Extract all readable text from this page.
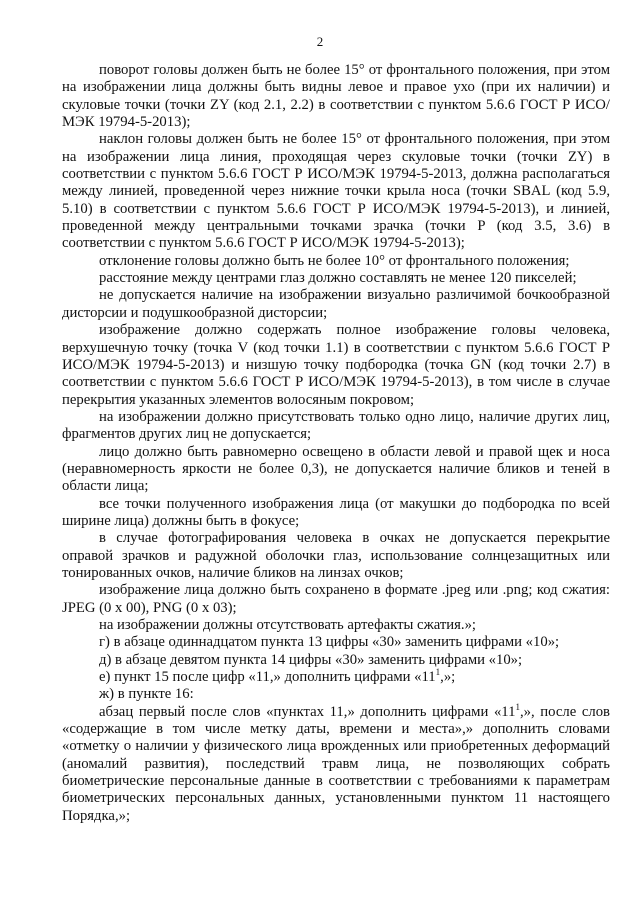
2

поворот головы должен быть не более 15° от фронтального положения, при этом на изображении лица должны быть видны левое и правое ухо (при их наличии) и скуловые точки (точки ZY (код 2.1, 2.2) в соответствии с пунктом 5.6.6 ГОСТ Р ИСО/МЭК 19794-5-2013);

наклон головы должен быть не более 15° от фронтального положения, при этом на изображении лица линия, проходящая через скуловые точки (точки ZY) в соответствии с пунктом 5.6.6 ГОСТ Р ИСО/МЭК 19794-5-2013, должна располагаться между линией, проведенной через нижние точки крыла носа (точки SBAL (код 5.9, 5.10) в соответствии с пунктом 5.6.6 ГОСТ Р ИСО/МЭК 19794-5-2013), и линией, проведенной между центральными точками зрачка (точки P (код 3.5, 3.6) в соответствии с пунктом 5.6.6 ГОСТ Р ИСО/МЭК 19794-5-2013);

отклонение головы должно быть не более 10° от фронтального положения;

расстояние между центрами глаз должно составлять не менее 120 пикселей;

не допускается наличие на изображении визуально различимой бочкообразной дисторсии и подушкообразной дисторсии;

изображение должно содержать полное изображение головы человека, верхушечную точку (точка V (код точки 1.1) в соответствии с пунктом 5.6.6 ГОСТ Р ИСО/МЭК 19794-5-2013) и низшую точку подбородка (точка GN (код точки 2.7) в соответствии с пунктом 5.6.6 ГОСТ Р ИСО/МЭК 19794-5-2013), в том числе в случае перекрытия указанных элементов волосяным покровом;

на изображении должно присутствовать только одно лицо, наличие других лиц, фрагментов других лиц не допускается;

лицо должно быть равномерно освещено в области левой и правой щек и носа (неравномерность яркости не более 0,3), не допускается наличие бликов и теней в области лица;

все точки полученного изображения лица (от макушки до подбородка по всей ширине лица) должны быть в фокусе;

в случае фотографирования человека в очках не допускается перекрытие оправой зрачков и радужной оболочки глаз, использование солнцезащитных или тонированных очков, наличие бликов на линзах очков;

изображение лица должно быть сохранено в формате .jpeg или .png; код сжатия: JPEG (0 x 00), PNG (0 x 03);

на изображении должны отсутствовать артефакты сжатия.»;

г) в абзаце одиннадцатом пункта 13 цифры «30» заменить цифрами «10»;

д) в абзаце девятом пункта 14 цифры «30» заменить цифрами «10»;

е) пункт 15 после цифр «11,» дополнить цифрами «$11^1$,»;

ж) в пункте 16:

абзац первый после слов «пунктах 11,» дополнить цифрами «$11^1$,», после слов «содержащие в том числе метку даты, времени и места»,» дополнить словами «отметку о наличии у физического лица врожденных или приобретенных деформаций (аномалий развития), последствий травм лица, не позволяющих собрать биометрические персональные данные в соответствии с требованиями к параметрам биометрических персональных данных, установленными пунктом 11 настоящего Порядка,»;
